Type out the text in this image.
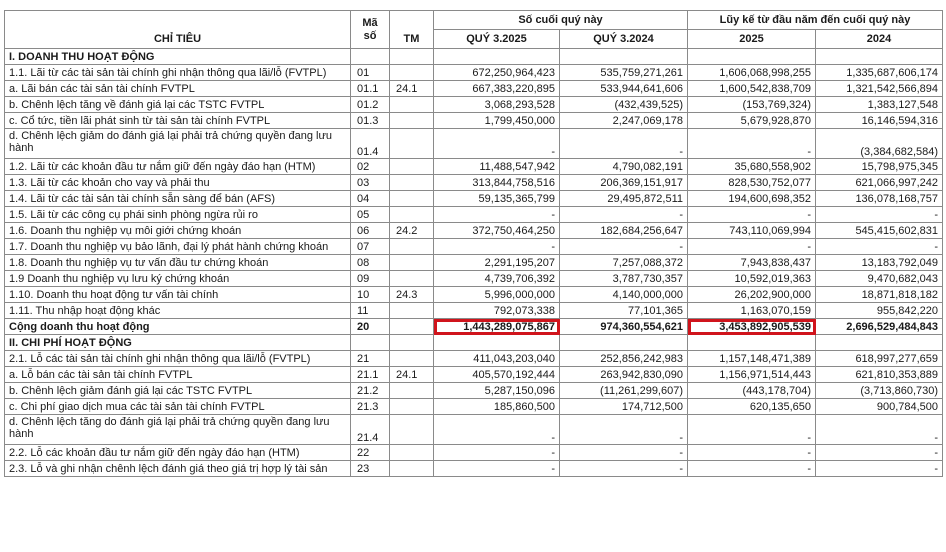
CHỈ TIÊU	Mã số	TM	Số cuối quý này		Lũy kế từ đầu năm đến cuối quý này	
			QUÝ 3.2025	QUÝ 3.2024	2025	2024
I. DOANH THU HOẠT ĐỘNG						
1.1. Lãi từ các tài sản tài chính ghi nhận thông qua lãi/lỗ (FVTPL)	01		672,250,964,423	535,759,271,261	1,606,068,998,255	1,335,687,606,174
a. Lãi bán các tài sản tài chính FVTPL	01.1	24.1	667,383,220,895	533,944,641,606	1,600,542,838,709	1,321,542,566,894
b. Chênh lệch tăng về đánh giá lại các TSTC FVTPL	01.2		3,068,293,528	(432,439,525)	(153,769,324)	1,383,127,548
c. Cổ tức, tiền lãi phát sinh từ tài sản tài chính FVTPL	01.3		1,799,450,000	2,247,069,178	5,679,928,870	16,146,594,316
d. Chênh lệch giảm do đánh giá lại phải trả chứng quyền đang lưu hành	01.4		-	-	-	(3,384,682,584)
1.2. Lãi từ các khoản đầu tư nắm giữ đến ngày đáo hạn (HTM)	02		11,488,547,942	4,790,082,191	35,680,558,902	15,798,975,345
1.3. Lãi từ các khoản cho vay và phải thu	03		313,844,758,516	206,369,151,917	828,530,752,077	621,066,997,242
1.4. Lãi từ các tài sản tài chính sẵn sàng để bán (AFS)	04		59,135,365,799	29,495,872,511	194,600,698,352	136,078,168,757
1.5. Lãi từ các công cụ phái sinh phòng ngừa rủi ro	05		-	-	-	-
1.6. Doanh thu nghiệp vụ môi giới chứng khoán	06	24.2	372,750,464,250	182,684,256,647	743,110,069,994	545,415,602,831
1.7. Doanh thu nghiệp vụ bảo lãnh, đại lý phát hành chứng khoán	07		-	-	-	-
1.8. Doanh thu nghiệp vụ tư vấn đầu tư chứng khoán	08		2,291,195,207	7,257,088,372	7,943,838,437	13,183,792,049
1.9 Doanh thu nghiệp vụ lưu ký chứng khoán	09		4,739,706,392	3,787,730,357	10,592,019,363	9,470,682,043
1.10. Doanh thu hoạt động tư vấn tài chính	10	24.3	5,996,000,000	4,140,000,000	26,202,900,000	18,871,818,182
1.11. Thu nhập hoạt động khác	11		792,073,338	77,101,365	1,163,070,159	955,842,220
Cộng doanh thu hoạt động	20		1,443,289,075,867	974,360,554,621	3,453,892,905,539	2,696,529,484,843
II. CHI PHÍ HOẠT ĐỘNG						
2.1. Lỗ các tài sản tài chính ghi nhận thông qua lãi/lỗ (FVTPL)	21		411,043,203,040	252,856,242,983	1,157,148,471,389	618,997,277,659
a. Lỗ bán các tài sản tài chính FVTPL	21.1	24.1	405,570,192,444	263,942,830,090	1,156,971,514,443	621,810,353,889
b. Chênh lệch giảm đánh giá lại các TSTC FVTPL	21.2		5,287,150,096	(11,261,299,607)	(443,178,704)	(3,713,860,730)
c. Chi phí giao dịch mua các tài sản tài chính FVTPL	21.3		185,860,500	174,712,500	620,135,650	900,784,500
d. Chênh lệch tăng do đánh giá lại phải trả chứng quyền đang lưu hành	21.4		-	-	-	-
2.2. Lỗ các khoản đầu tư nắm giữ đến ngày đáo hạn (HTM)	22		-	-	-	-
2.3. Lỗ và ghi nhận chênh lệch đánh giá theo giá trị hợp lý tài sản	23		-	-	-	-
